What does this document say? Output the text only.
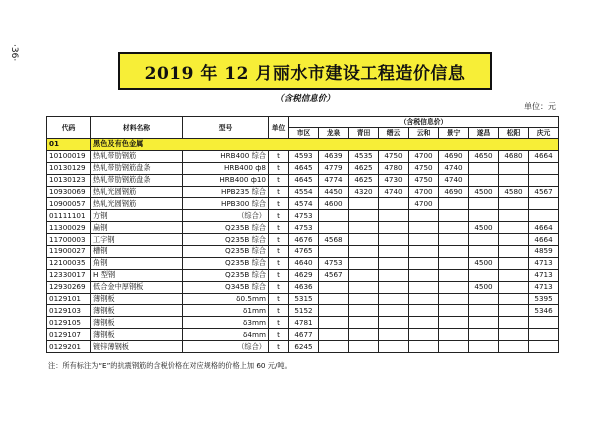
·36·
2019 年 12 月丽水市建设工程造价信息
（含税信息价）
单位：元
代码	材料名称	型号	单位	（含税信息价）								
				市区	龙泉	青田	缙云	云和	景宁	遂昌	松阳	庆元
01	黑色及有色金属											
10100019	热轧带肋钢筋	HRB400 综合	t	4593	4639	4535	4750	4700	4690	4650	4680	4664
10130129	热轧带肋钢筋盘条	HRB400 ф8	t	4645	4779	4625	4780	4750	4740			
10130123	热轧带肋钢筋盘条	HRB400 ф10	t	4645	4774	4625	4730	4750	4740			
10930069	热轧光圆钢筋	HPB235 综合	t	4554	4450	4320	4740	4700	4690	4500	4580	4567
10900057	热轧光圆钢筋	HPB300 综合	t	4574	4600			4700				
01111101	方钢	（综合）	t	4753								
11300029	扁钢	Q235B 综合	t	4753						4500		4664
11700003	工字钢	Q235B 综合	t	4676	4568							4664
11900027	槽钢	Q235B 综合	t	4765								4859
12100035	角钢	Q235B 综合	t	4640	4753					4500		4713
12330017	H 型钢	Q235B 综合	t	4629	4567							4713
12930269	低合金中厚钢板	Q345B 综合	t	4636						4500		4713
0129101	薄钢板	δ0.5mm	t	5315								5395
0129103	薄钢板	δ1mm	t	5152								5346
0129105	薄钢板	δ3mm	t	4781								
0129107	薄钢板	δ4mm	t	4677								
0129201	镀锌薄钢板	（综合）	t	6245								
注：所有标注为“E”的抗震钢筋的含税价格在对应规格的价格上加 60 元/吨。
